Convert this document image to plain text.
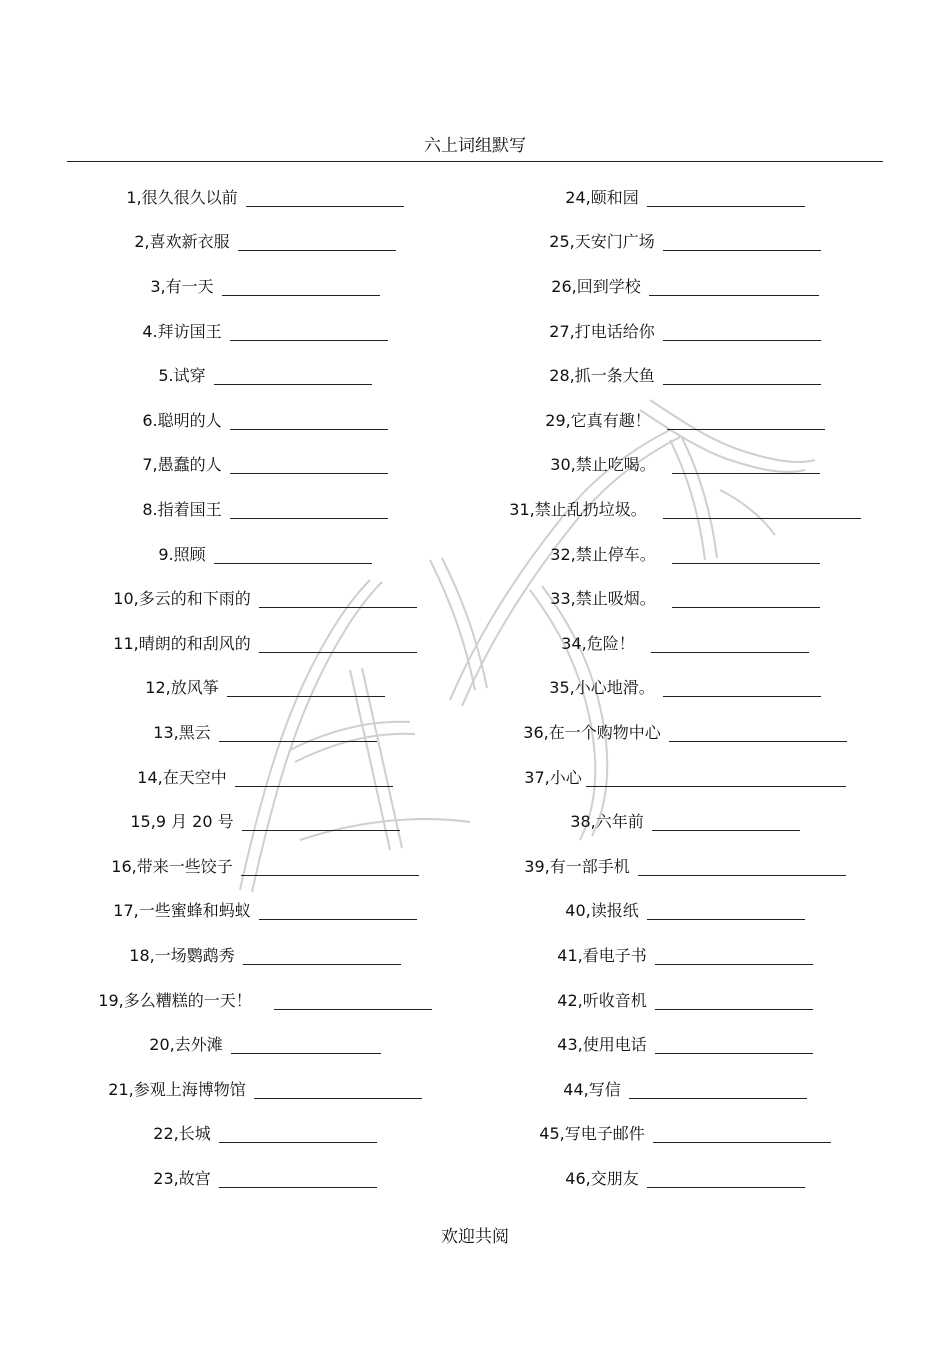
六上词组默写
1,很久很久以前
2,喜欢新衣服
3,有一天
4.拜访国王
5.试穿
6.聪明的人
7,愚蠢的人
8.指着国王
9.照顾
10,多云的和下雨的
11,晴朗的和刮风的
12,放风筝
13,黑云
14,在天空中
15,9 月 20 号
16,带来一些饺子
17,一些蜜蜂和蚂蚁
18,一场鹦鹉秀
19,多么糟糕的一天！
20,去外滩
21,参观上海博物馆
22,长城
23,故宫
24,颐和园
25,天安门广场
26,回到学校
27,打电话给你
28,抓一条大鱼
29,它真有趣！
30,禁止吃喝。
31,禁止乱扔垃圾。
32,禁止停车。
33,禁止吸烟。
34,危险！
35,小心地滑。
36,在一个购物中心
37,小心
38,六年前
39,有一部手机
40,读报纸
41,看电子书
42,听收音机
43,使用电话
44,写信
45,写电子邮件
46,交朋友
欢迎共阅
